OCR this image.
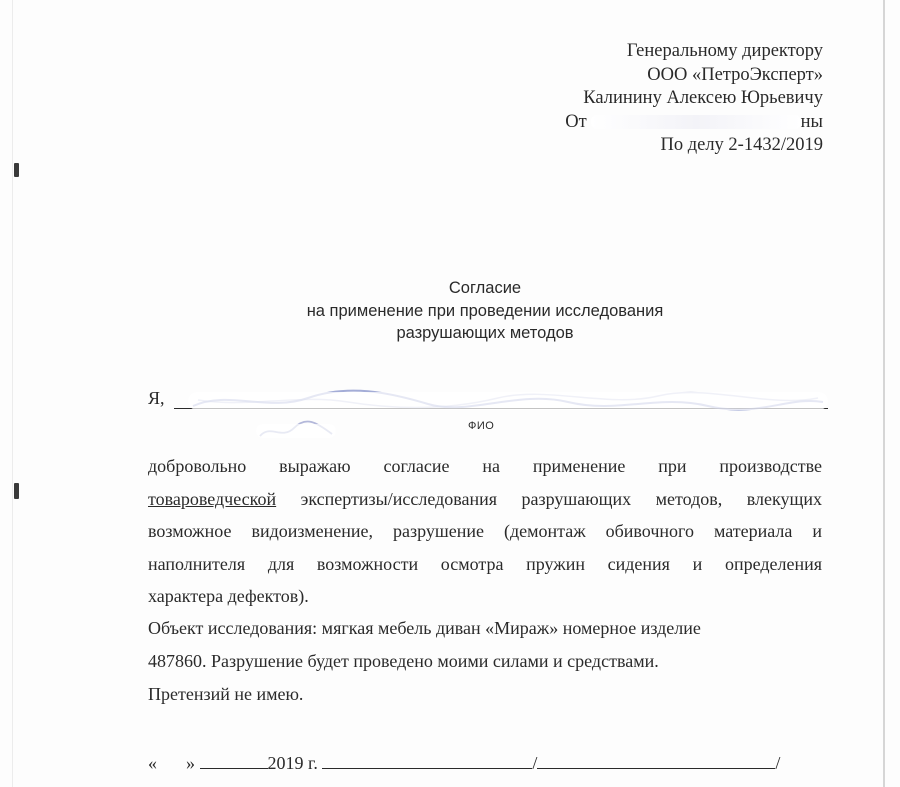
Генеральному директору
ООО «ПетроЭксперт»
Калинину Алексею Юрьевичу
От	ны
По делу 2-1432/2019
Согласие
на применение при проведении исследования
разрушающих методов
Я,
ФИО
добровольно выражаю согласие на применение при производстве
товароведческой экспертизы/исследования разрушающих методов, влекущих
возможное видоизменение, разрушение (демонтаж обивочного материала и
наполнителя для возможности осмотра пружин сидения и определения
характера дефектов).
Объект исследования: мягкая мебель диван «Мираж» номерное изделие
487860. Разрушение будет проведено моими силами и средствами.
Претензий не имею.
« »	2019 г.	/	/
